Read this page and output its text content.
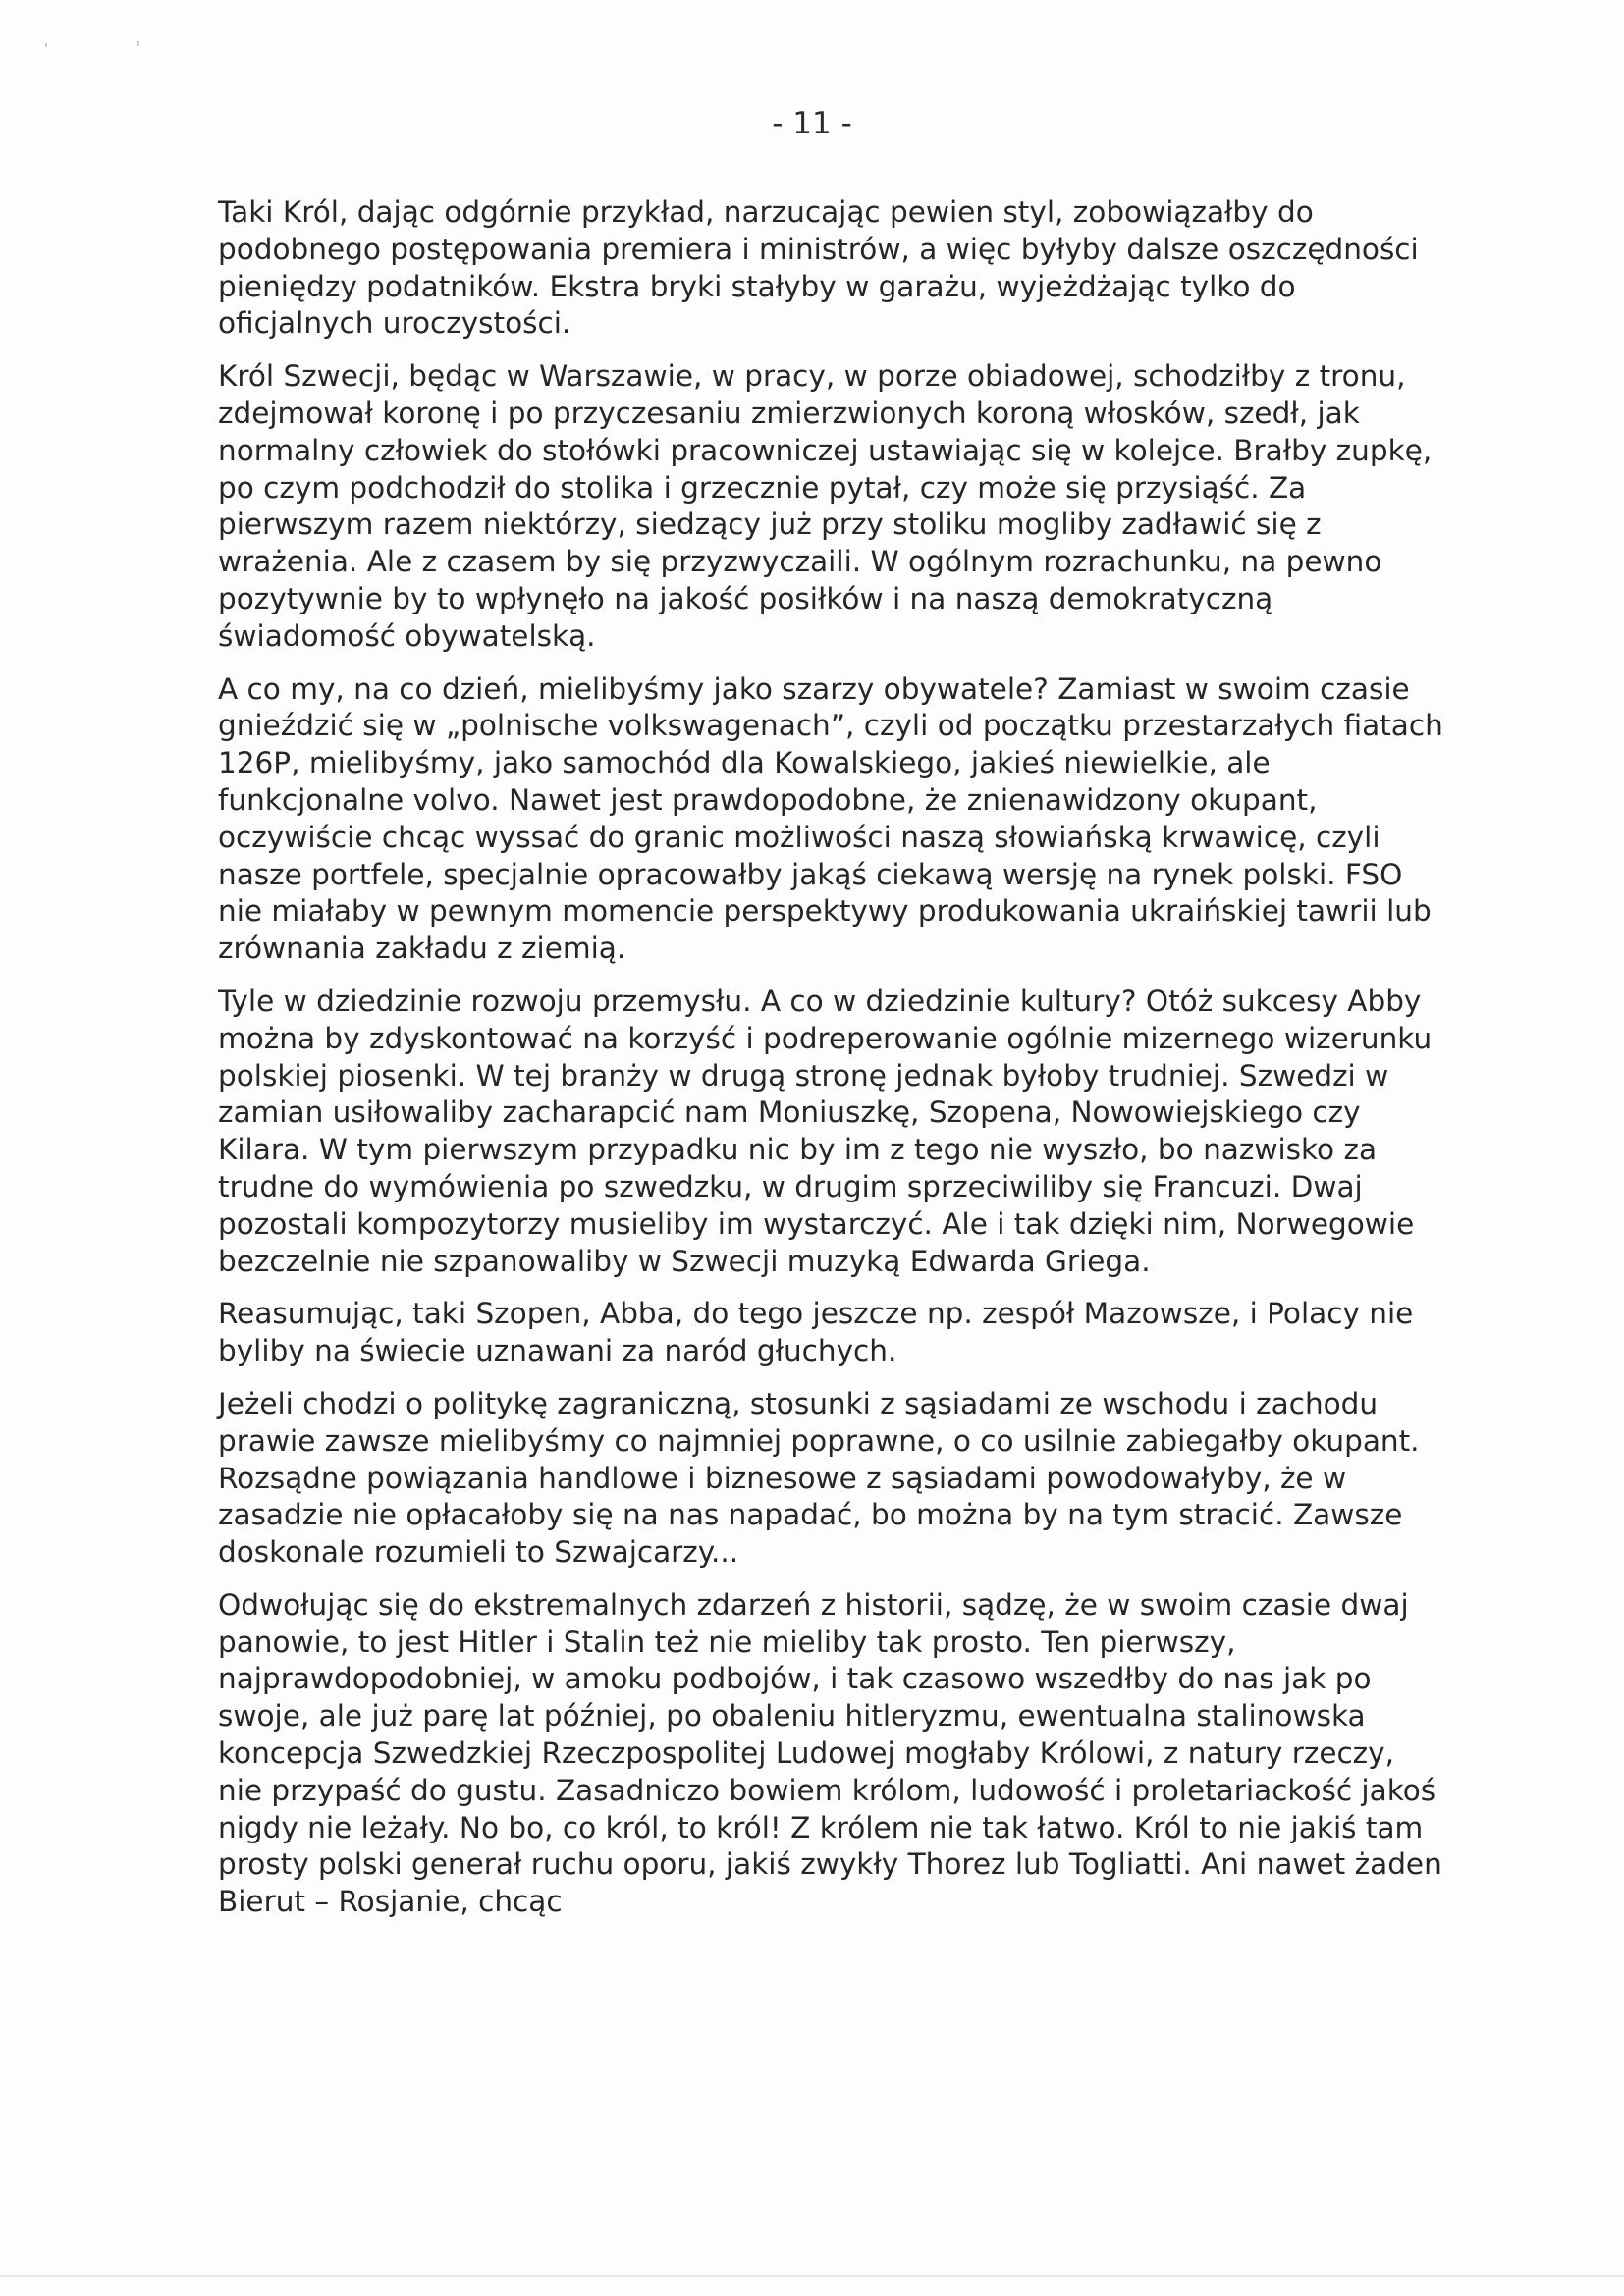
- 11 -

Taki Król, dając odgórnie przykład, narzucając pewien styl, zobowiązałby do podobnego postępowania premiera i ministrów, a więc byłyby dalsze oszczędności pieniędzy podatników. Ekstra bryki stałyby w garażu, wyjeżdżając tylko do oficjalnych uroczystości.

Król Szwecji, będąc w Warszawie, w pracy, w porze obiadowej, schodziłby z tronu, zdejmował koronę i po przyczesaniu zmierzwionych koroną włosków, szedł, jak normalny człowiek do stołówki pracowniczej ustawiając się w kolejce. Brałby zupkę, po czym podchodził do stolika i grzecznie pytał, czy może się przysiąść. Za pierwszym razem niektórzy, siedzący już przy stoliku mogliby zadławić się z wrażenia. Ale z czasem by się przyzwyczaili. W ogólnym rozrachunku, na pewno pozytywnie by to wpłynęło na jakość posiłków i na naszą demokratyczną świadomość obywatelską.

A co my, na co dzień, mielibyśmy jako szarzy obywatele? Zamiast w swoim czasie gnieździć się w „polnische volkswagenach”, czyli od początku przestarzałych fiatach 126P, mielibyśmy, jako samochód dla Kowalskiego, jakieś niewielkie, ale funkcjonalne volvo. Nawet jest prawdopodobne, że znienawidzony okupant, oczywiście chcąc wyssać do granic możliwości naszą słowiańską krwawicę, czyli nasze portfele, specjalnie opracowałby jakąś ciekawą wersję na rynek polski. FSO nie miałaby w pewnym momencie perspektywy produkowania ukraińskiej tawrii lub zrównania zakładu z ziemią.

Tyle w dziedzinie rozwoju przemysłu. A co w dziedzinie kultury? Otóż sukcesy Abby można by zdyskontować na korzyść i podreperowanie ogólnie mizernego wizerunku polskiej piosenki. W tej branży w drugą stronę jednak byłoby trudniej. Szwedzi w zamian usiłowaliby zacharapcić nam Moniuszkę, Szopena, Nowowiejskiego czy Kilara. W tym pierwszym przypadku nic by im z tego nie wyszło, bo nazwisko za trudne do wymówienia po szwedzku, w drugim sprzeciwiliby się Francuzi. Dwaj pozostali kompozytorzy musieliby im wystarczyć. Ale i tak dzięki nim, Norwegowie bezczelnie nie szpanowaliby w Szwecji muzyką Edwarda Griega.

Reasumując, taki Szopen, Abba, do tego jeszcze np. zespół Mazowsze, i Polacy nie byliby na świecie uznawani za naród głuchych.

Jeżeli chodzi o politykę zagraniczną, stosunki z sąsiadami ze wschodu i zachodu prawie zawsze mielibyśmy co najmniej poprawne, o co usilnie zabiegałby okupant. Rozsądne powiązania handlowe i biznesowe z sąsiadami powodowałyby, że w zasadzie nie opłacałoby się na nas napadać, bo można by na tym stracić. Zawsze doskonale rozumieli to Szwajcarzy...

Odwołując się do ekstremalnych zdarzeń z historii, sądzę, że w swoim czasie dwaj panowie, to jest Hitler i Stalin też nie mieliby tak prosto. Ten pierwszy, najprawdopodobniej, w amoku podbojów, i tak czasowo wszedłby do nas jak po swoje, ale już parę lat później, po obaleniu hitleryzmu, ewentualna stalinowska koncepcja Szwedzkiej Rzeczpospolitej Ludowej mogłaby Królowi, z natury rzeczy, nie przypaść do gustu. Zasadniczo bowiem królom, ludowość i proletariackość jakoś nigdy nie leżały. No bo, co król, to król! Z królem nie tak łatwo. Król to nie jakiś tam prosty polski generał ruchu oporu, jakiś zwykły Thorez lub Togliatti. Ani nawet żaden Bierut – Rosjanie, chcąc
